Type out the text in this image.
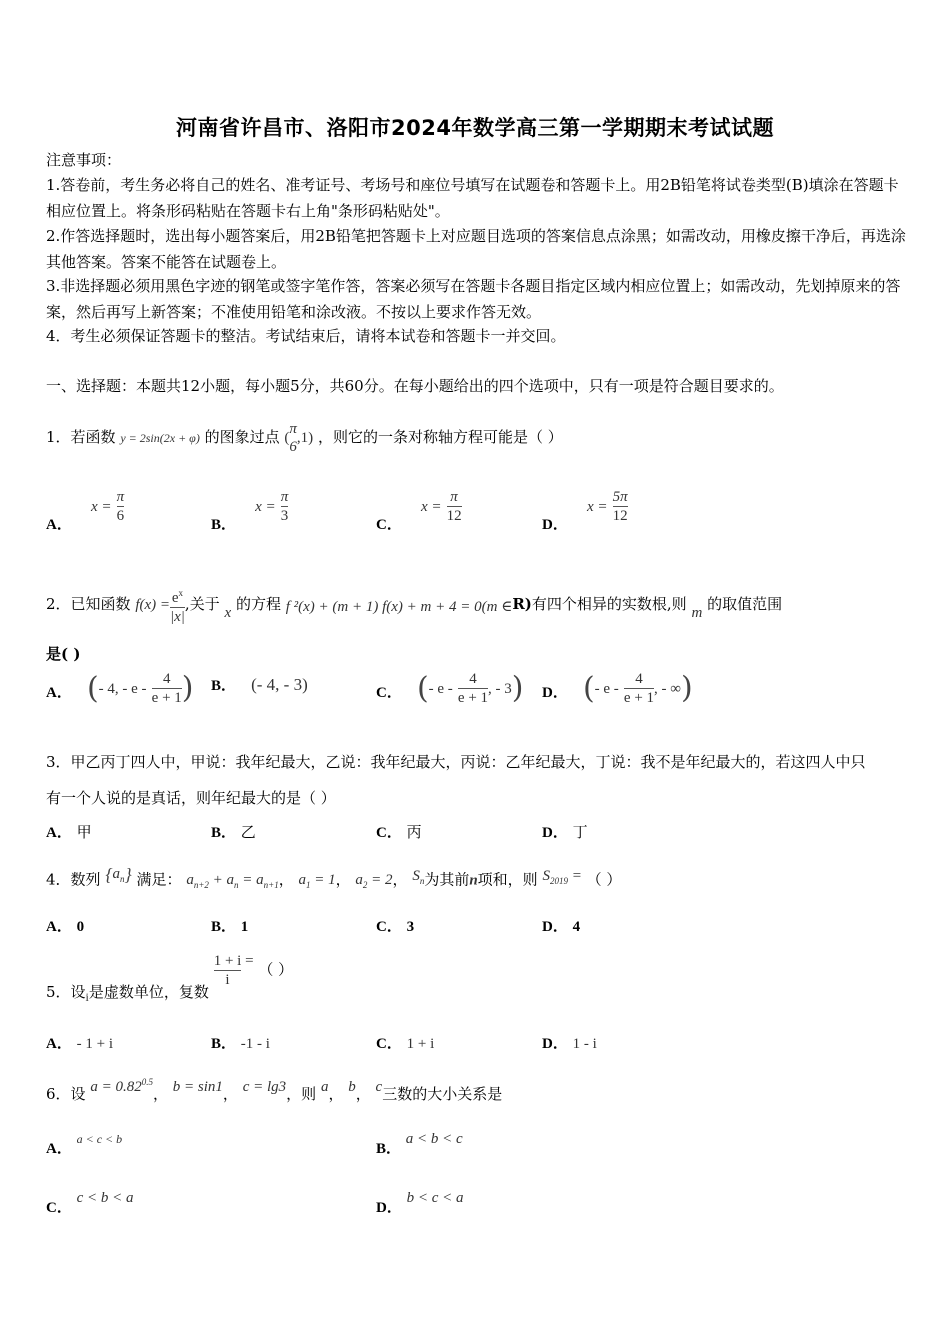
河南省许昌市、洛阳市2024年数学高三第一学期期末考试试题
注意事项：
1.答卷前，考生务必将自己的姓名、准考证号、考场号和座位号填写在试题卷和答题卡上。用2B铅笔将试卷类型(B)填涂在答题卡相应位置上。将条形码粘贴在答题卡右上角"条形码粘贴处"。
2.作答选择题时，选出每小题答案后，用2B铅笔把答题卡上对应题目选项的答案信息点涂黑；如需改动，用橡皮擦干净后，再选涂其他答案。答案不能答在试题卷上。
3.非选择题必须用黑色字迹的钢笔或签字笔作答，答案必须写在答题卡各题目指定区域内相应位置上；如需改动，先划掉原来的答案，然后再写上新答案；不准使用铅笔和涂改液。不按以上要求作答无效。
4．考生必须保证答题卡的整洁。考试结束后，请将本试卷和答题卡一并交回。
一、选择题：本题共12小题，每小题5分，共60分。在每小题给出的四个选项中，只有一项是符合题目要求的。
1．若函数 y = 2sin(2x + φ) 的图象过点 (
π
6
,1) ，则它的一条对称轴方程可能是（ ）
A． $x = \frac{\pi}{6}$	B． $x = \frac{\pi}{3}$	C． $x = \frac{\pi}{12}$	D． $x = \frac{5\pi}{12}$
2．已知函数 $f(x) = \frac{e^x}{|x|}$ ,关于 x 的方程 f ²(x) + (m + 1) f(x) + m + 4 = 0(m ∈R)有四个相异的实数根,则 m 的取值范围
是( )
A． (- 4, - e - $\frac{4}{e + 1}$ ) B． (- 4, - 3)	C． (- e - $\frac{4}{e + 1}$ , - 3) D． (- e - $\frac{4}{e + 1}$ , - ∞)
3．甲乙丙丁四人中，甲说：我年纪最大，乙说：我年纪最大，丙说：乙年纪最大，丁说：我不是年纪最大的，若这四人中只
有一个人说的是真话，则年纪最大的是（ ）
A． 甲	B． 乙	C． 丙	D． 丁
4．数列 $\{a_n\}$ 满足： $a_{n+2} + a_n = a_{n+1}$， $a_1 = 1$， $a_2 = 2$， $S_n$为其前n项和，则 $S_{2019}$ = （ ）
A． 0	B． 1	C． 3	D． 4
5．设$_i$是虚数单位，复数
$\frac{1 + i}{i}$ = （ ）
A． - 1 + i	B． -1 - i	C． 1 + i	D． 1 - i
6．设 $a = 0.82^{0.5}$， b = sin1， c = lg3，则 a， b， c三数的大小关系是
A． a < c < b
B． a < b < c
C． c < b < a
D． b < c < a
